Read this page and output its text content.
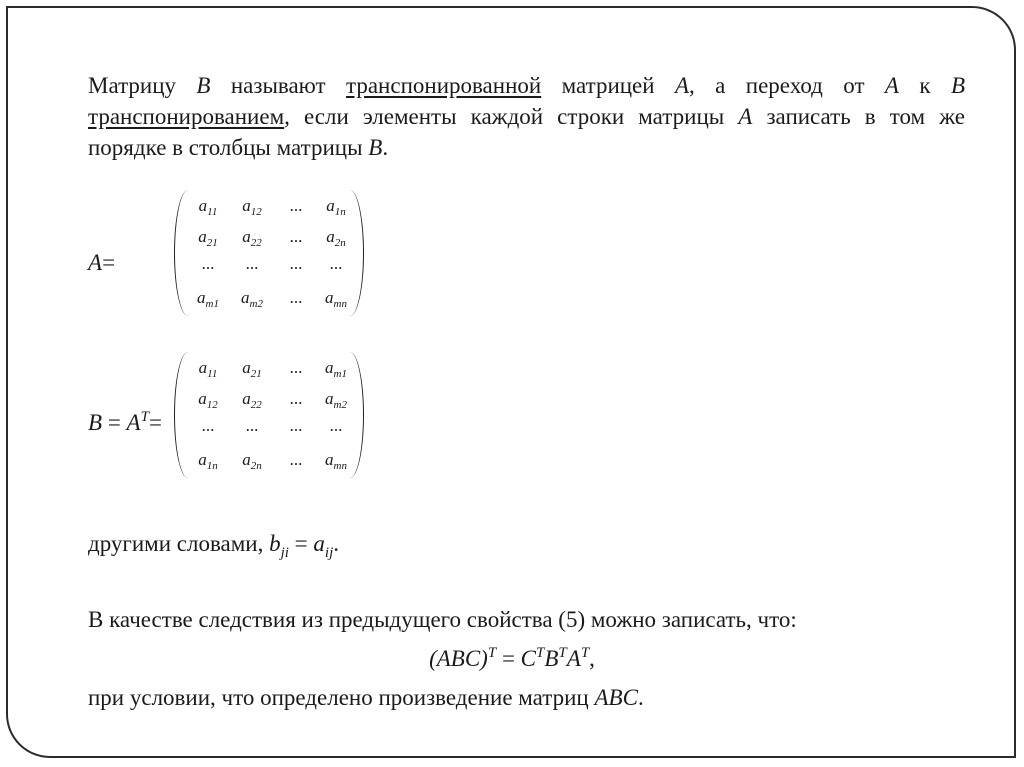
Матрицу B называют транспонированной матрицей A, а переход от A к B транспонированием, если элементы каждой строки матрицы A записать в том же порядке в столбцы матрицы B.

A=
$a_{11}$	$a_{12}$	...	$a_{1n}$
$a_{21}$	$a_{22}$	...	$a_{2n}$
...	...	...	...
$a_{m1}$	$a_{m2}$	...	$a_{mn}$
$B = A^T=$
$a_{11}$	$a_{21}$	...	$a_{m1}$
$a_{12}$	$a_{22}$	...	$a_{m2}$
...	...	...	...
$a_{1n}$	$a_{2n}$	...	$a_{mn}$
другими словами, $b_{ji} = a_{ij}$.
В качестве следствия из предыдущего свойства (5) можно записать, что:
$(ABC)^T = C^TB^TA^T$,
при условии, что определено произведение матриц ABC.
